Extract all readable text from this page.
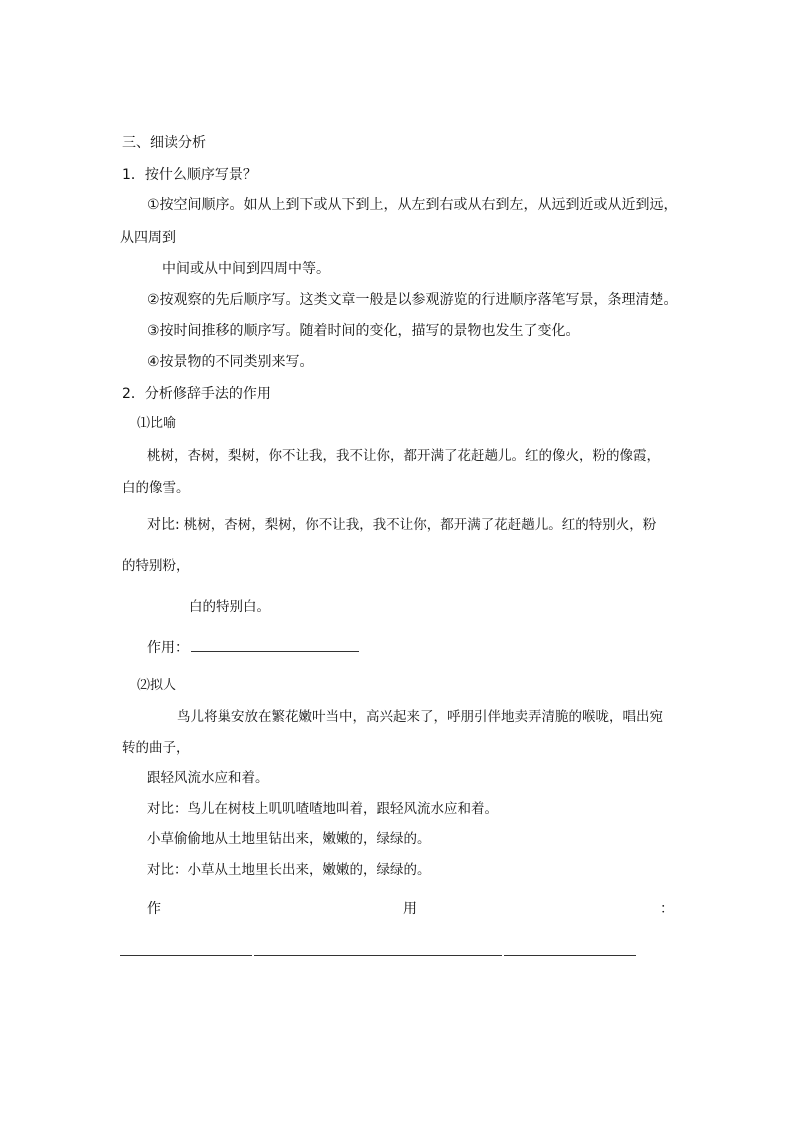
三、细读分析
1．按什么顺序写景？
①按空间顺序。如从上到下或从下到上，从左到右或从右到左，从远到近或从近到远，
从四周到
中间或从中间到四周中等。
②按观察的先后顺序写。这类文章一般是以参观游览的行进顺序落笔写景，条理清楚。
③按时间推移的顺序写。随着时间的变化，描写的景物也发生了变化。
④按景物的不同类别来写。
2．分析修辞手法的作用
⑴比喻
桃树，杏树，梨树，你不让我，我不让你，都开满了花赶趟儿。红的像火，粉的像霞，
白的像雪。
对比: 桃树，杏树，梨树，你不让我，我不让你，都开满了花赶趟儿。红的特别火，粉
的特别粉，
白的特别白。
作用：
⑵拟人
鸟儿将巢安放在繁花嫩叶当中，高兴起来了，呼朋引伴地卖弄清脆的喉咙，唱出宛
转的曲子，
跟轻风流水应和着。
对比：鸟儿在树枝上叽叽喳喳地叫着，跟轻风流水应和着。
小草偷偷地从土地里钻出来，嫩嫩的，绿绿的。
对比：小草从土地里长出来，嫩嫩的，绿绿的。
作	用	：
